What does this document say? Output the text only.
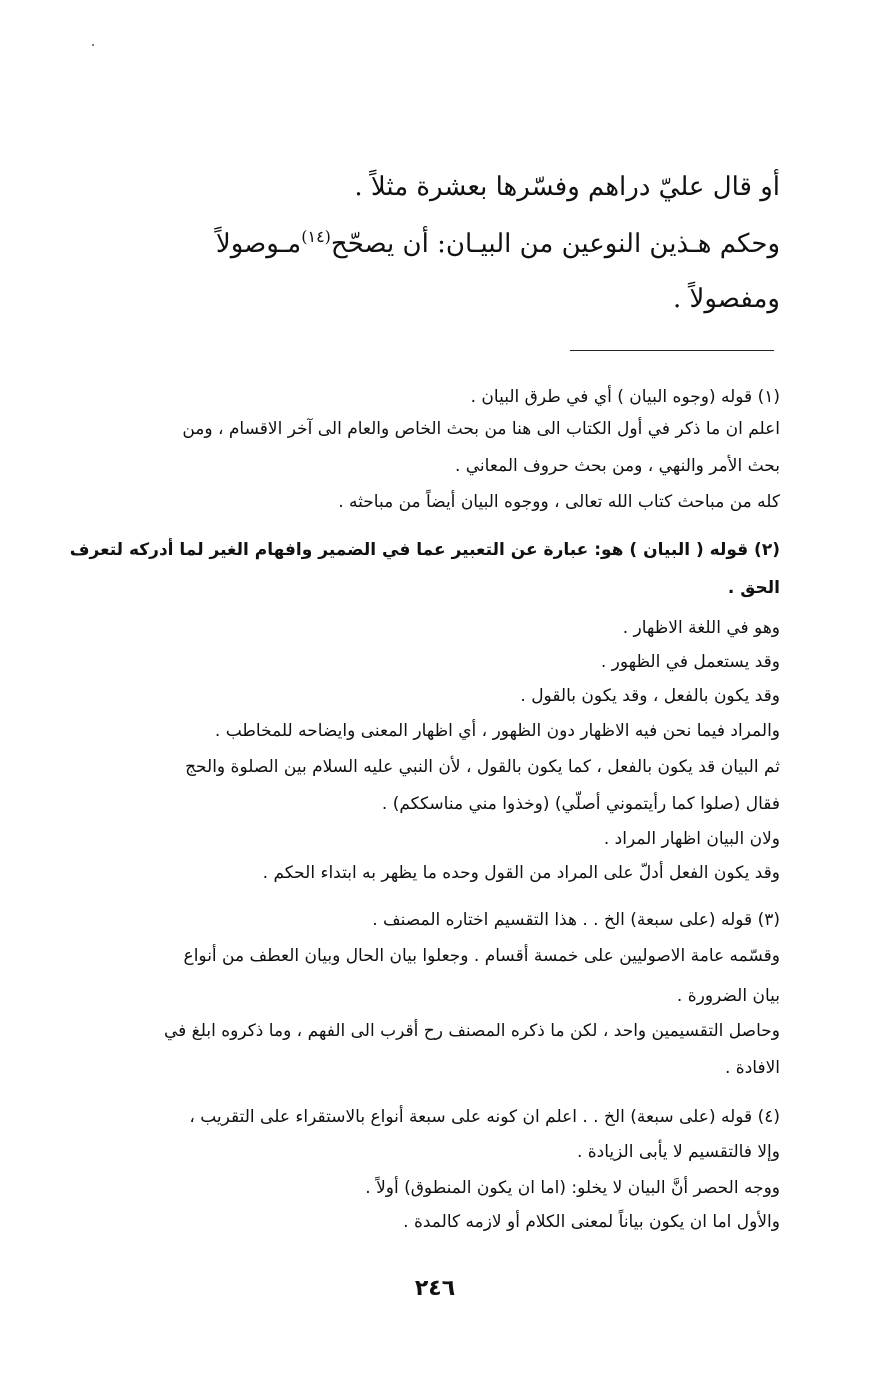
أو قال عليّ دراهم وفسّرها بعشرة مثلاً .
وحكم هـذين النوعين من البيـان: أن يصحّح$^{(١٤)}$مـوصولاً
ومفصولاً .
(١) قوله (وجوه البيان ) أي في طرق البيان .
اعلم ان ما ذكر في أول الكتاب الى هنا من بحث الخاص والعام الى آخر الاقسام ، ومن
بحث الأمر والنهي ، ومن بحث حروف المعاني .
كله من مباحث كتاب الله تعالى ، ووجوه البيان أيضاً من مباحثه .
(٢) قوله ( البيان ) هو: عبارة عن التعبير عما في الضمير وافهام الغير لما أدركه لتعرف
الحق .
وهو في اللغة الاظهار .
وقد يستعمل في الظهور .
وقد يكون بالفعل ، وقد يكون بالقول .
والمراد فيما نحن فيه الاظهار دون الظهور ، أي اظهار المعنى وايضاحه للمخاطب .
ثم البيان قد يكون بالفعل ، كما يكون بالقول ، لأن النبي عليه السلام بين الصلوة والحج
فقال (صلوا كما رأيتموني أصلّي) (وخذوا مني مناسككم) .
ولان البيان اظهار المراد .
وقد يكون الفعل أدلّ على المراد من القول وحده ما يظهر به ابتداء الحكم .
(٣) قوله (على سبعة) الخ . . هذا التقسيم اختاره المصنف .
وقسّمه عامة الاصوليين على خمسة أقسام . وجعلوا بيان الحال وبيان العطف من أنواع
بيان الضرورة .
وحاصل التقسيمين واحد ، لكن ما ذكره المصنف رح أقرب الى الفهم ، وما ذكروه ابلغ في
الافادة .
(٤) قوله (على سبعة) الخ . . اعلم ان كونه على سبعة أنواع بالاستقراء على التقريب ،
وإلا فالتقسيم لا يأبى الزيادة .
ووجه الحصر أنَّ البيان لا يخلو: (اما ان يكون المنطوق) أولاً .
والأول اما ان يكون بياناً لمعنى الكلام أو لازمه كالمدة .
٢٤٦
